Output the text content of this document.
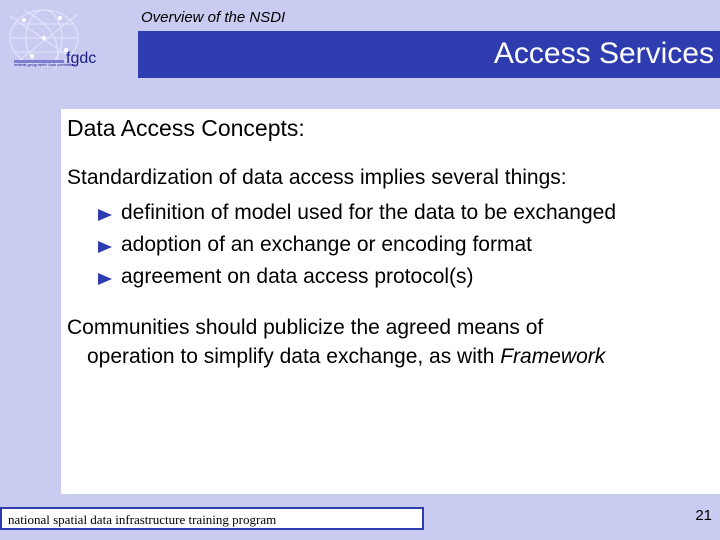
federal geographic data committee
fgdc
Overview of the NSDI
Access Services
Data Access Concepts:
Standardization of data access implies several things:
definition of model used for the data to be exchanged
adoption of an exchange or encoding format
agreement on data access protocol(s)
Communities should publicize the agreed means of
operation to simplify data exchange, as with Framework
national spatial data infrastructure training program	21
